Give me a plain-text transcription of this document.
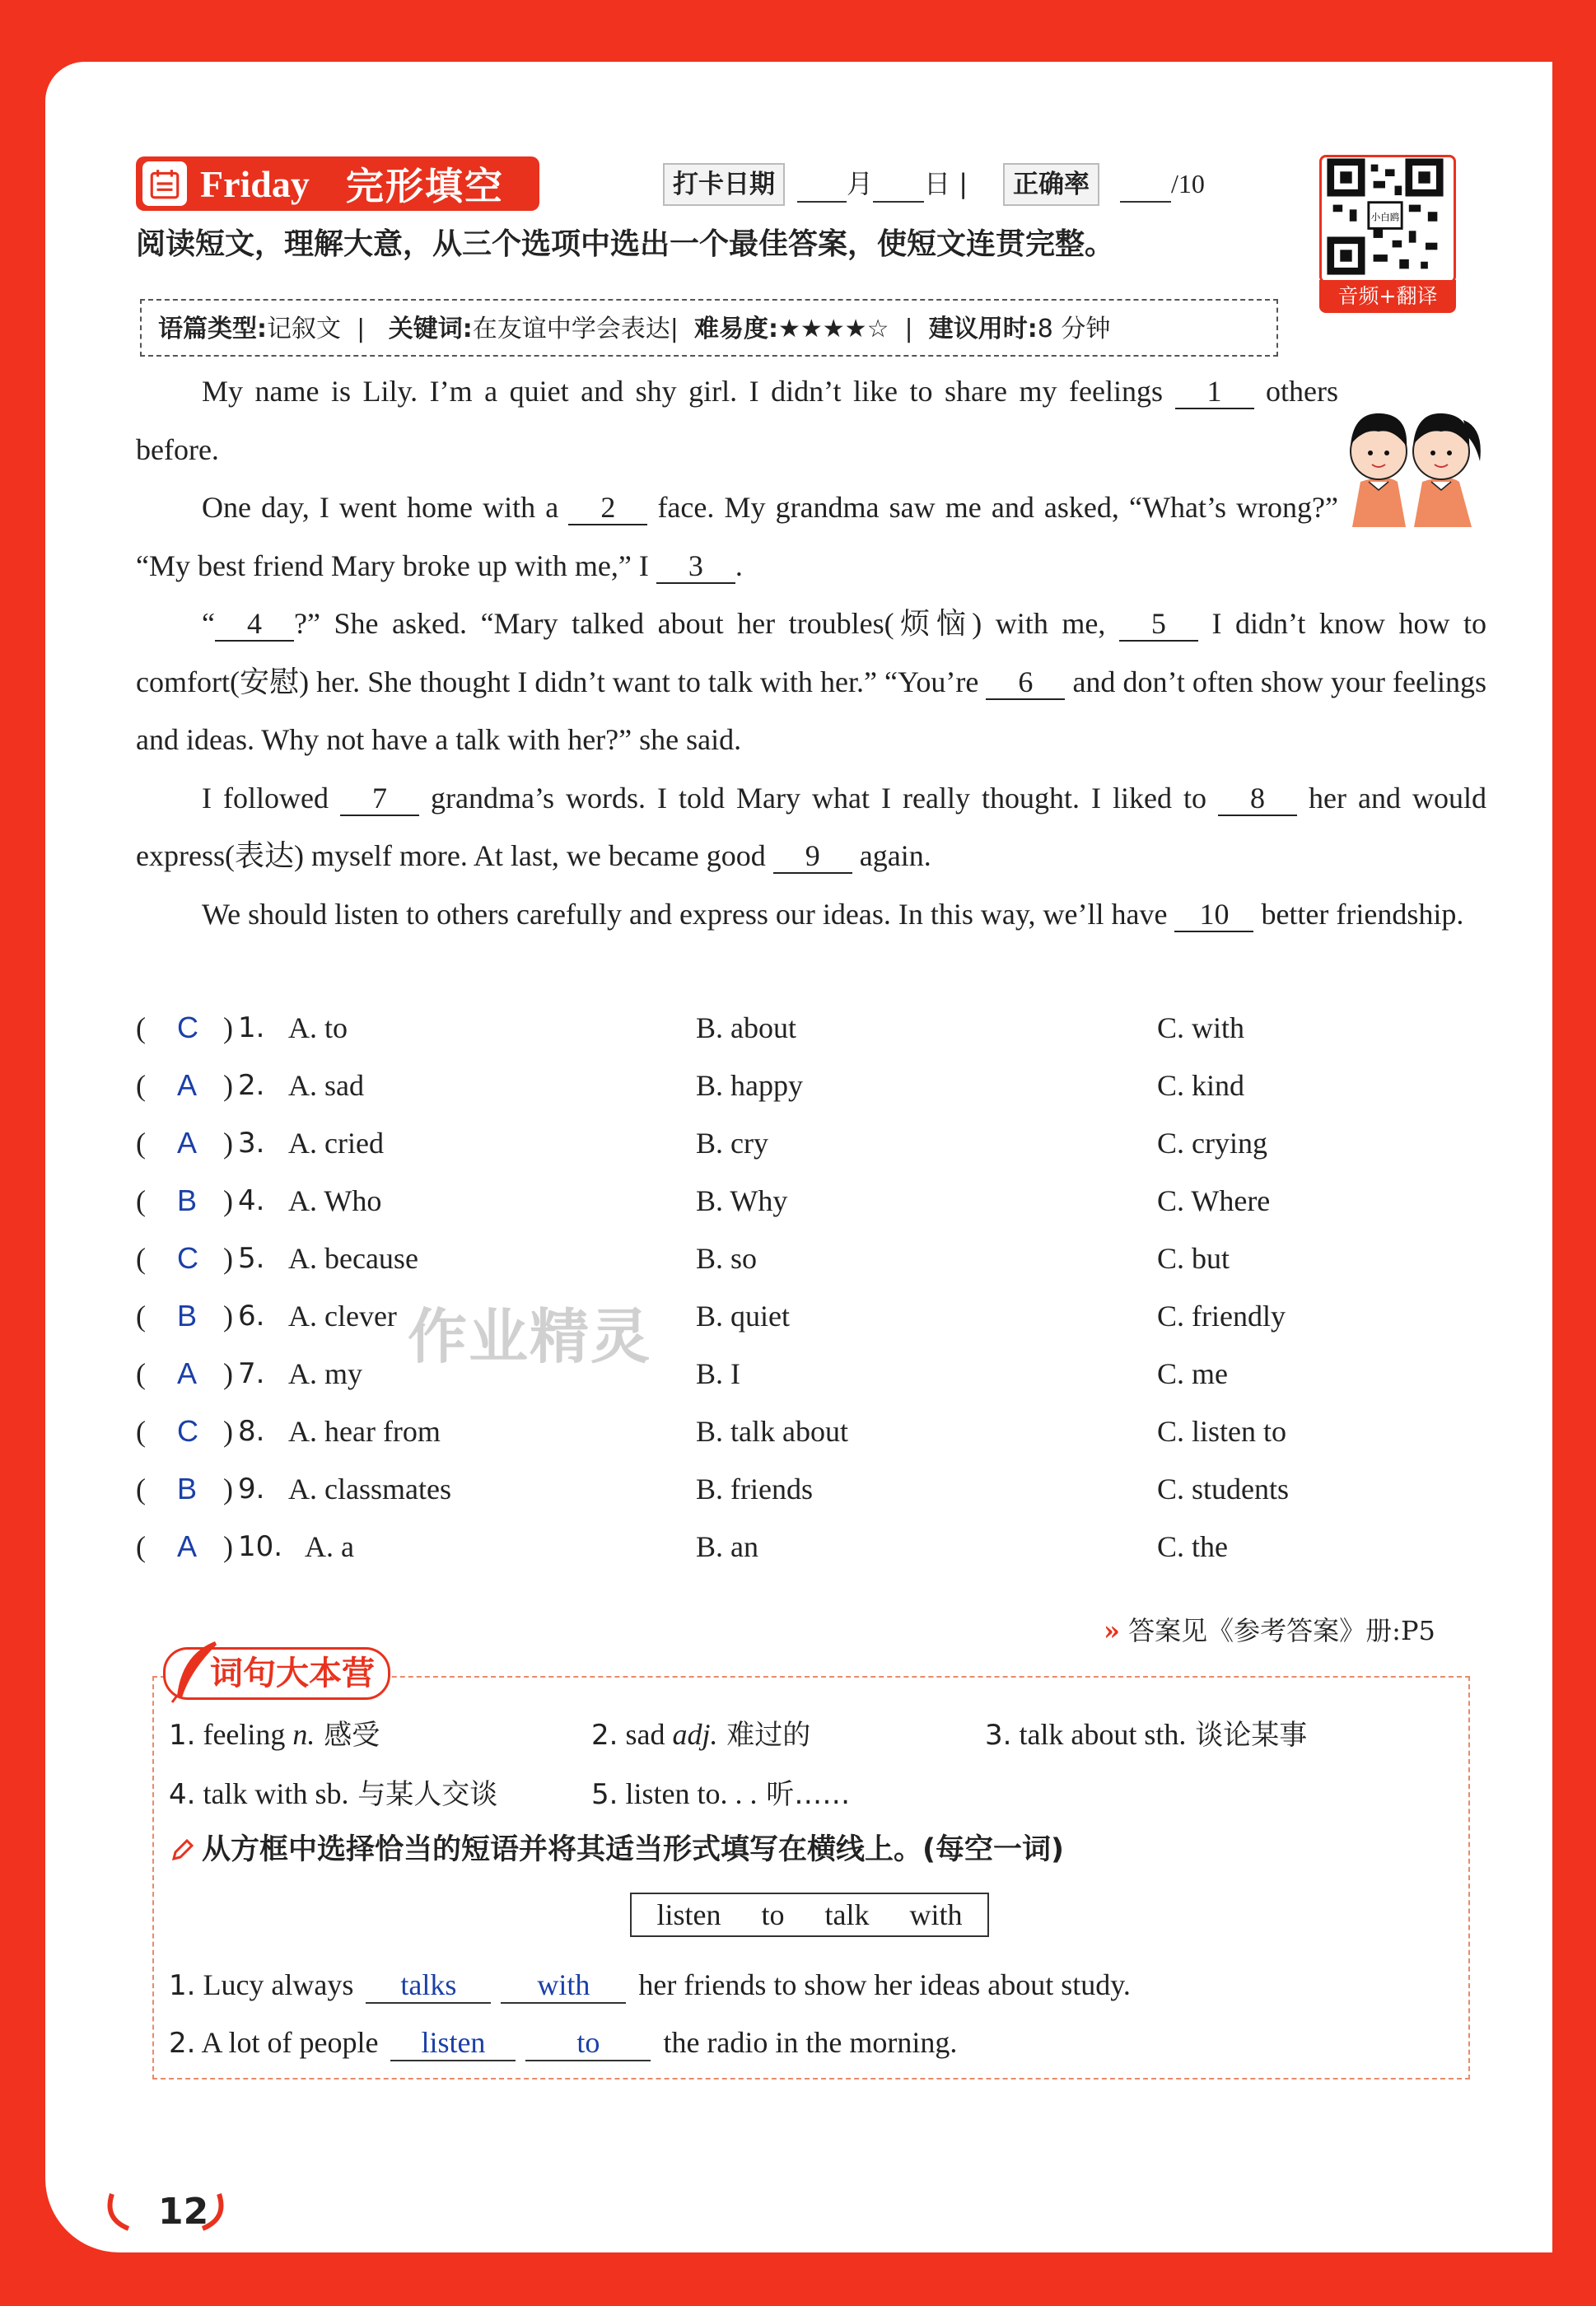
Friday 完形填空	打卡日期	月 日 |	正确率	/10
小白鸥
音频+翻译
阅读短文，理解大意，从三个选项中选出一个最佳答案，使短文连贯完整。
语篇类型:记叙文 | 关键词:在友谊中学会表达| 难易度:★★★★☆ | 建议用时:8 分钟

My name is Lily. I’m a quiet and shy girl. I didn’t like to share my feelings 1 others before.

One day, I went home with a 2 face. My grandma saw me and asked, “What’s wrong?” “My best friend Mary broke up with me,” I 3 .

“ 4 ?” She asked. “Mary talked about her troubles(烦恼) with me, 5 I didn’t know how to comfort(安慰) her. She thought I didn’t want to talk with her.” “You’re 6 and don’t often show your feelings and ideas. Why not have a talk with her?” she said.

I followed 7 grandma’s words. I told Mary what I really thought. I liked to 8 her and would express(表达) myself more. At last, we became good 9 again.

We should listen to others carefully and express our ideas. In this way, we’ll have 10 better friendship.

( C ) 1. A. to	B. about	C. with
( A ) 2. A. sad	B. happy	C. kind
( A ) 3. A. cried	B. cry	C. crying
( B ) 4. A. Who	B. Why	C. Where
( C ) 5. A. because	B. so	C. but
( B ) 6. A. clever	B. quiet	C. friendly
( A ) 7. A. my	B. I	C. me
( C ) 8. A. hear from	B. talk about	C. listen to
( B ) 9. A. classmates	B. friends	C. students
( A ) 10. A. a	B. an	C. the
作业精灵
» 答案见《参考答案》册:P5
词句大本营
1. feeling n. 感受	2. sad adj. 难过的	3. talk about sth. 谈论某事
4. talk with sb. 与某人交谈	5. listen to. . . 听……
从方框中选择恰当的短语并将其适当形式填写在横线上。(每空一词)
listen to talk with
1. Lucy always talks	with her friends to show her ideas about study.
2. A lot of people listen	to the radio in the morning.
12
